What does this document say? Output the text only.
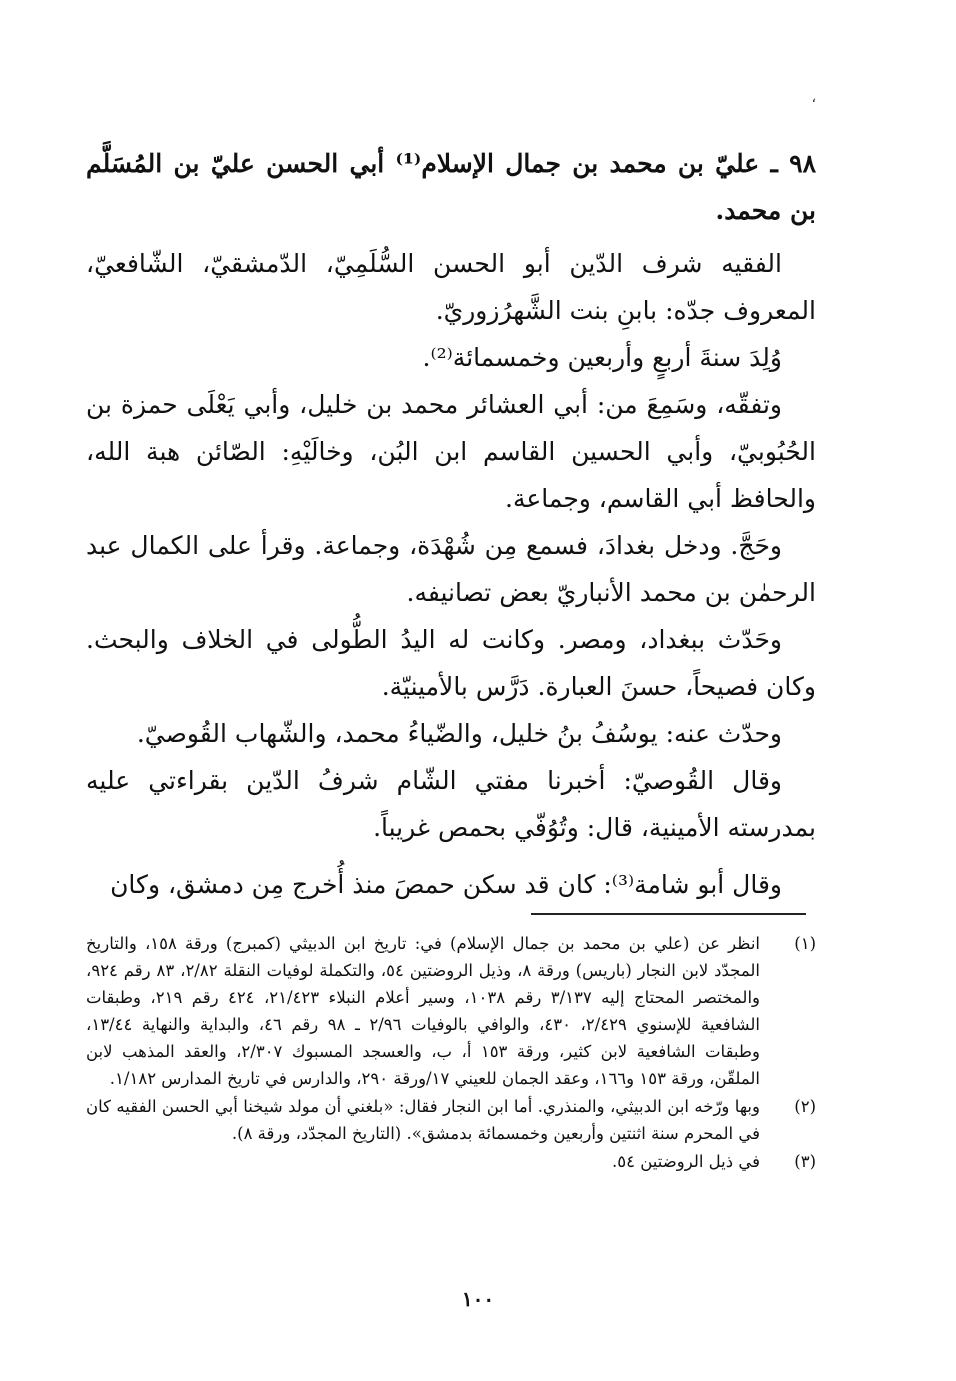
،

٩٨ ـ عليّ بن محمد بن جمال الإسلام⁽¹⁾ أبي الحسن عليّ بن المُسَلَّم بن محمد.

الفقيه شرف الدّين أبو الحسن السُّلَمِيّ، الدّمشقيّ، الشّافعيّ، المعروف جدّه: بابنِ بنت الشَّهرُزوريّ.

وُلِدَ سنةَ أربعٍ وأربعين وخمسمائة⁽²⁾.

وتفقّه، وسَمِعَ من: أبي العشائر محمد بن خليل، وأبي يَعْلَى حمزة بن الحُبُوبيّ، وأبي الحسين القاسم ابن البُن، وخالَيْهِ: الصّائن هبة الله، والحافظ أبي القاسم، وجماعة.

وحَجَّ. ودخل بغدادَ، فسمع مِن شُهْدَة، وجماعة. وقرأ على الكمال عبد الرحمٰن بن محمد الأنباريّ بعض تصانيفه.

وحَدّث ببغداد، ومصر. وكانت له اليدُ الطُّولى في الخلاف والبحث. وكان فصيحاً، حسنَ العبارة. دَرَّس بالأمينيّة.

وحدّث عنه: يوسُفُ بنُ خليل، والضّياءُ محمد، والشّهاب القُوصيّ.

وقال القُوصيّ: أخبرنا مفتي الشّام شرفُ الدّين بقراءتي عليه بمدرسته الأمينية، قال: وتُوُفّي بحمص غريباً.

وقال أبو شامة⁽³⁾: كان قد سكن حمصَ منذ أُخرج مِن دمشق، وكان

(١)
انظر عن (علي بن محمد بن جمال الإسلام) في: تاريخ ابن الدبيثي (كمبرج) ورقة ١٥٨، والتاريخ المجدّد لابن النجار (باريس) ورقة ٨، وذيل الروضتين ٥٤، والتكملة لوفيات النقلة ٢/٨٢، ٨٣ رقم ٩٢٤، والمختصر المحتاج إليه ٣/١٣٧ رقم ١٠٣٨، وسير أعلام النبلاء ٢١/٤٢٣، ٤٢٤ رقم ٢١٩، وطبقات الشافعية للإسنوي ٢/٤٢٩، ٤٣٠، والوافي بالوفيات ٢/٩٦ ـ ٩٨ رقم ٤٦، والبداية والنهاية ١٣/٤٤، وطبقات الشافعية لابن كثير، ورقة ١٥٣ أ، ب، والعسجد المسبوك ٢/٣٠٧، والعقد المذهب لابن الملقّن، ورقة ١٥٣ و١٦٦، وعقد الجمان للعيني ١٧/ورقة ٢٩٠، والدارس في تاريخ المدارس ١/١٨٢.
(٢)
وبها ورّخه ابن الدبيثي، والمنذري. أما ابن النجار فقال: «بلغني أن مولد شيخنا أبي الحسن الفقيه كان في المحرم سنة اثنتين وأربعين وخمسمائة بدمشق». (التاريخ المجدّد، ورقة ٨).
(٣)
في ذيل الروضتين ٥٤.
١٠٠
